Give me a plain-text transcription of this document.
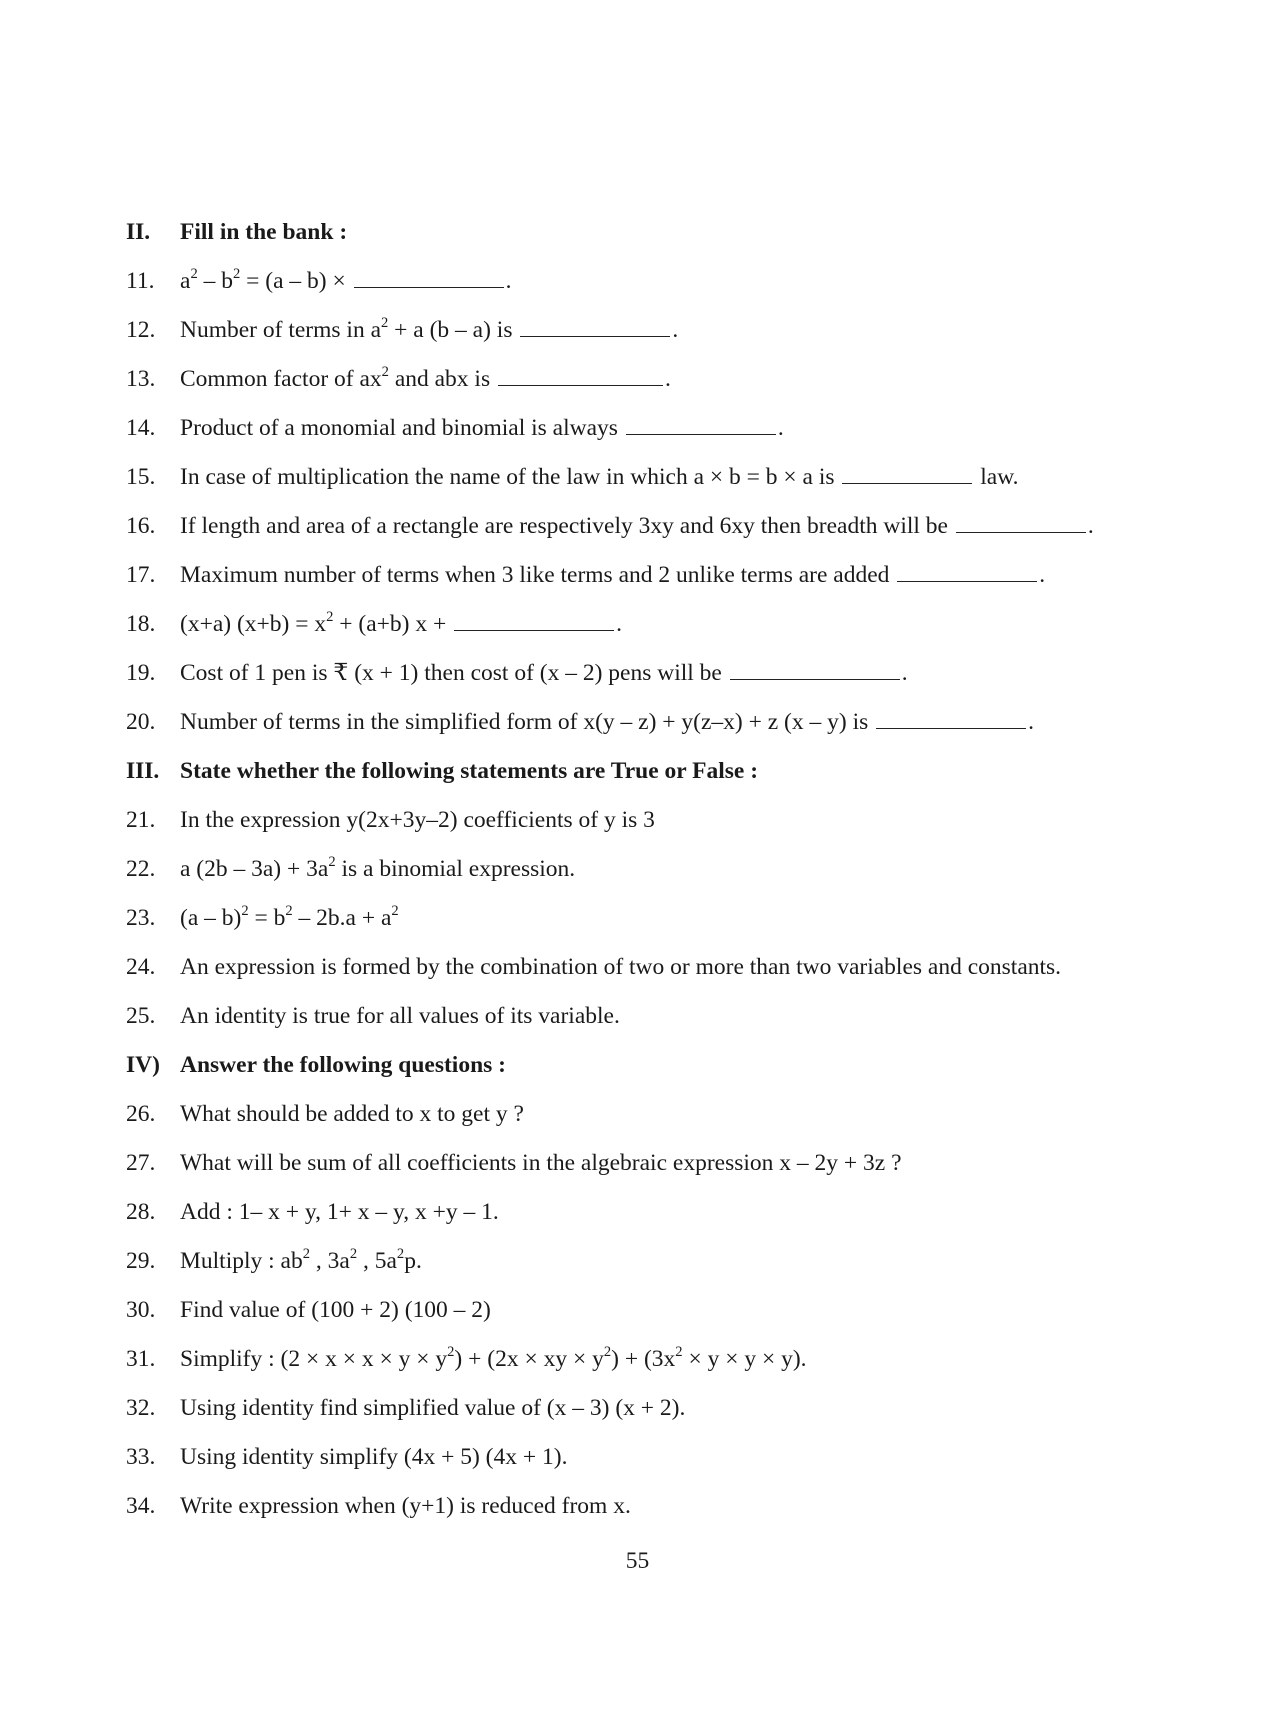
II. Fill in the bank :
11. $a^2 - b^2 = (a - b)$ ×	.
12. Number of terms in $a^2 + a$ (b – a) is	.
13. Common factor of $ax^2$ and abx is	.
14. Product of a monomial and binomial is always	.
15. In case of multiplication the name of the law in which a × b = b × a is	law.
16. If length and area of a rectangle are respectively 3xy and 6xy then breadth will be	.
17. Maximum number of terms when 3 like terms and 2 unlike terms are added	.
18. (x+a) $(x+b) = x^2 + (a+b) x$ +	.
19. Cost of 1 pen is ₹ (x + 1) then cost of (x – 2) pens will be	.
20. Number of terms in the simplified form of x(y – z) + y(z–x) + z (x – y) is	.
III. State whether the following statements are True or False :
21. In the expression y(2x+3y–2) coefficients of y is 3
22. a $(2b - 3a) + 3a^2$ is a binomial expression.
23. $(a - b)^2 = b^2 - 2b.a + a^2$
24. An expression is formed by the combination of two or more than two variables and constants.
25. An identity is true for all values of its variable.
IV) Answer the following questions :
26. What should be added to x to get y ?
27. What will be sum of all coefficients in the algebraic expression x – 2y + 3z ?
28. Add : 1– x + y, 1+ x – y, x +y – 1.
29. Multiply : $ab^2$ , $3a^2$ , $5a^2p$.
30. Find value of (100 + 2) (100 – 2)
31. Simplify : $(2 \times x \times x \times y \times y^2) + (2x$ × xy × $y^2) + (3x^2 \times y \times y \times y)$.
32. Using identity find simplified value of (x – 3) (x + 2).
33. Using identity simplify (4x + 5) (4x + 1).
34. Write expression when (y+1) is reduced from x.
55
